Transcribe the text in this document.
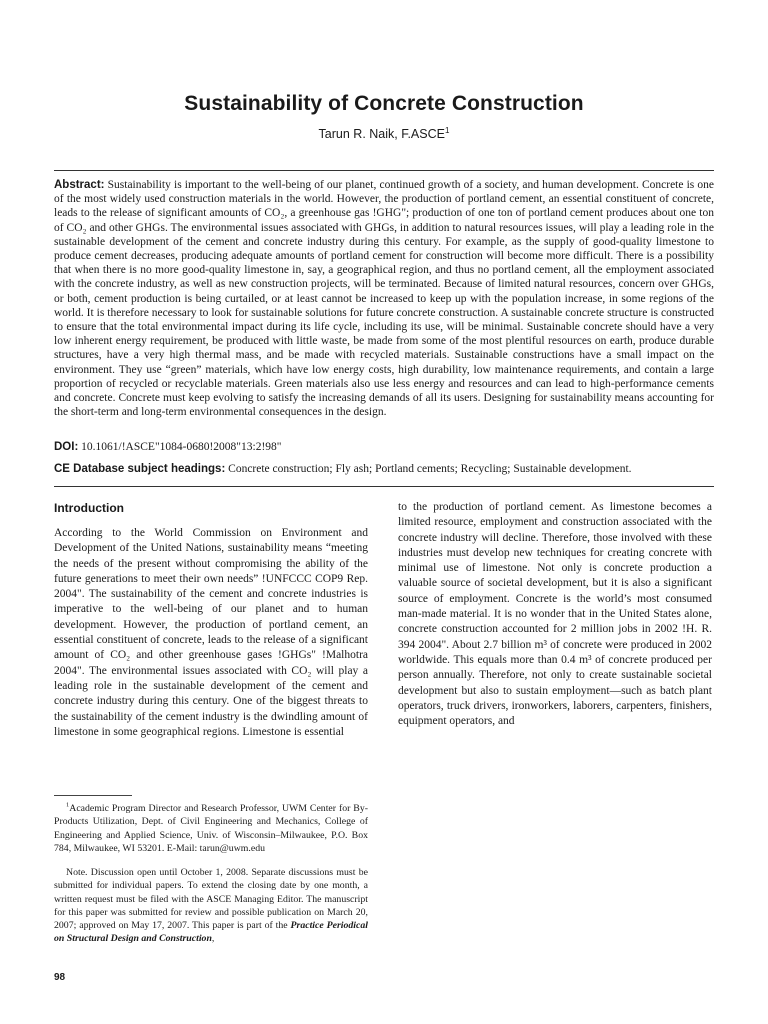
Sustainability of Concrete Construction
Tarun R. Naik, F.ASCE$^1$

Abstract: Sustainability is important to the well-being of our planet, continued growth of a society, and human development. Concrete is one of the most widely used construction materials in the world. However, the production of portland cement, an essential constituent of concrete, leads to the release of significant amounts of CO₂, a greenhouse gas !GHG"; production of one ton of portland cement produces about one ton of CO₂ and other GHGs. The environmental issues associated with GHGs, in addition to natural resources issues, will play a leading role in the sustainable development of the cement and concrete industry during this century. For example, as the supply of good-quality limestone to produce cement decreases, producing adequate amounts of portland cement for construction will become more difficult. There is a possibility that when there is no more good-quality limestone in, say, a geographical region, and thus no portland cement, all the employment associated with the concrete industry, as well as new construction projects, will be terminated. Because of limited natural resources, concern over GHGs, or both, cement production is being curtailed, or at least cannot be increased to keep up with the population increase, in some regions of the world. It is therefore necessary to look for sustainable solutions for future concrete construction. A sustainable concrete structure is constructed to ensure that the total environmental impact during its life cycle, including its use, will be minimal. Sustainable concrete should have a very low inherent energy requirement, be produced with little waste, be made from some of the most plentiful resources on earth, produce durable structures, have a very high thermal mass, and be made with recycled materials. Sustainable constructions have a small impact on the environment. They use “green” materials, which have low energy costs, high durability, low maintenance requirements, and contain a large proportion of recycled or recyclable materials. Green materials also use less energy and resources and can lead to high-performance cements and concrete. Concrete must keep evolving to satisfy the increasing demands of all its users. Designing for sustainability means accounting for the short-term and long-term environmental consequences in the design.

DOI: 10.1061/!ASCE"1084-0680!2008"13:2!98"

CE Database subject headings: Concrete construction; Fly ash; Portland cements; Recycling; Sustainable development.

Introduction

According to the World Commission on Environment and Development of the United Nations, sustainability means “meeting the needs of the present without compromising the ability of the future generations to meet their own needs” !UNFCCC COP9 Rep. 2004". The sustainability of the cement and concrete industries is imperative to the well-being of our planet and to human development. However, the production of portland cement, an essential constituent of concrete, leads to the release of a significant amount of CO₂ and other greenhouse gases !GHGs" !Malhotra 2004". The environmental issues associated with CO₂ will play a leading role in the sustainable development of the cement and concrete industry during this century. One of the biggest threats to the sustainability of the cement industry is the dwindling amount of limestone in some geographical regions. Limestone is essential

to the production of portland cement. As limestone becomes a limited resource, employment and construction associated with the concrete industry will decline. Therefore, those involved with these industries must develop new techniques for creating concrete with minimal use of limestone. Not only is concrete production a valuable source of societal development, but it is also a significant source of employment. Concrete is the world’s most consumed man-made material. It is no wonder that in the United States alone, concrete construction accounted for 2 million jobs in 2002 !H. R. 394 2004". About 2.7 billion m³ of concrete were produced in 2002 worldwide. This equals more than 0.4 m³ of concrete produced per person annually. Therefore, not only to create sustainable societal development but also to sustain employment—such as batch plant operators, truck drivers, ironworkers, laborers, carpenters, finishers, equipment operators, and

$^1$Academic Program Director and Research Professor, UWM Center for By-Products Utilization, Dept. of Civil Engineering and Mechanics, College of Engineering and Applied Science, Univ. of Wisconsin–Milwaukee, P.O. Box 784, Milwaukee, WI 53201. E-Mail: tarun@uwm.edu

Note. Discussion open until October 1, 2008. Separate discussions must be submitted for individual papers. To extend the closing date by one month, a written request must be filed with the ASCE Managing Editor. The manuscript for this paper was submitted for review and possible publication on March 20, 2007; approved on May 17, 2007. This paper is part of the Practice Periodical on Structural Design and Construction,

98
